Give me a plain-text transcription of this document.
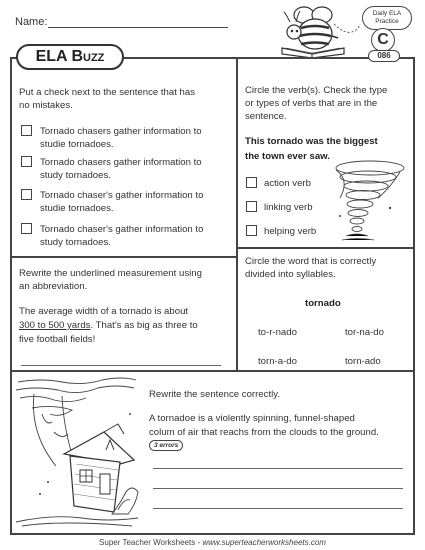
Name:
Daily ELA
Practice
C
086
ELA Buzz
Put a check next to the sentence that has
no mistakes.
Tornado chasers gather information to
studie tornadoes.
Tornado chasers gather information to
study tornadoes.
Tornado chaser's gather information to
studie tornadoes.
Tornado chaser's gather information to
study tornadoes.
Circle the verb(s). Check the type
or types of verbs that are in the
sentence.
This tornado was the biggest
the town ever saw.
action verb
linking verb
helping verb
Rewrite the underlined measurement using
an abbreviation.
The average width of a tornado is about
300 to 500 yards. That's as big as three to
five football fields!
Circle the word that is correctly
divided into syllables.
tornado
to-r-nado	tor-na-do
torn-a-do	torn-ado
Rewrite the sentence correctly.
A tornadoe is a violently spinning, funnel-shaped
colum of air that reachs from the clouds to the ground.
3 errors
Super Teacher Worksheets - www.superteacherworksheets.com
